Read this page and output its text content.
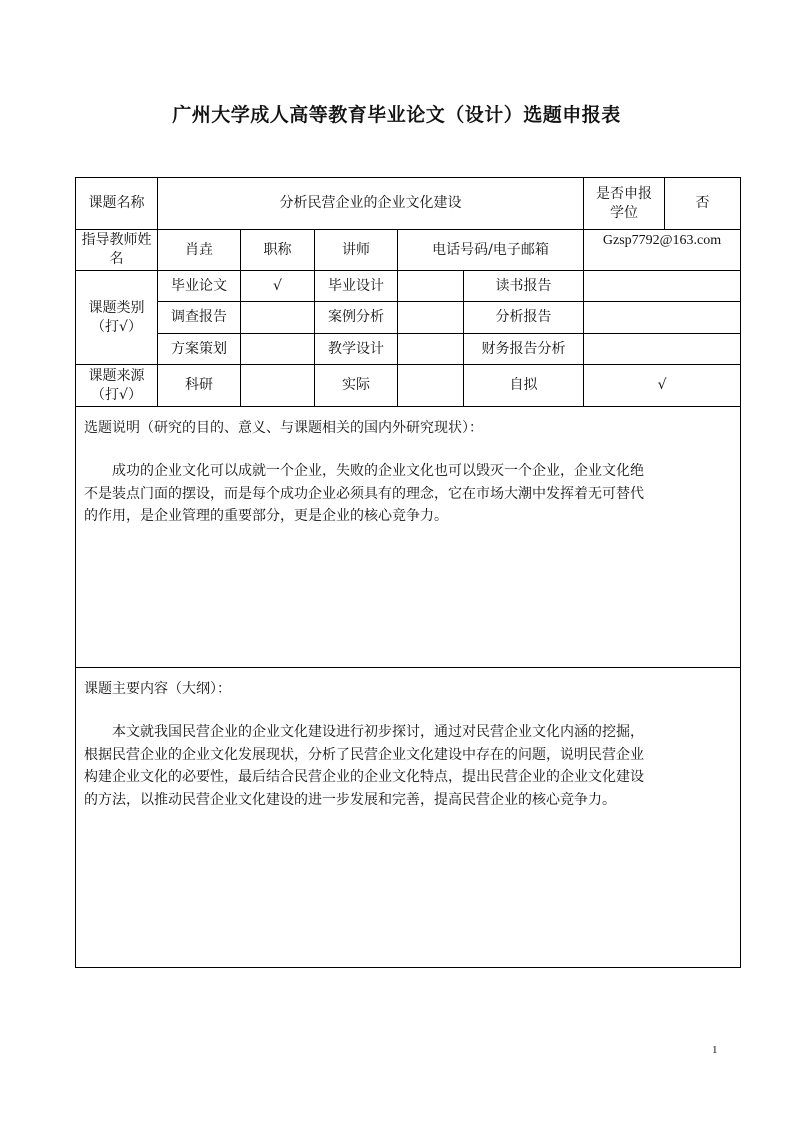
广州大学成人高等教育毕业论文（设计）选题申报表
课题名称	分析民营企业的企业文化建设					是否申报学位	否
指导教师姓名	肖垚	职称	讲师	电话号码/电子邮箱		Gzsp7792@163.com	
课题类别（打√）	毕业论文	√	毕业设计		读书报告		
	调查报告		案例分析		分析报告		
	方案策划		教学设计		财务报告分析		
课题来源（打√）	科研		实际		自拟	√	

选题说明（研究的目的、意义、与课题相关的国内外研究现状）：

成功的企业文化可以成就一个企业，失败的企业文化也可以毁灭一个企业，企业文化绝不是装点门面的摆设，而是每个成功企业必须具有的理念，它在市场大潮中发挥着无可替代的作用，是企业管理的重要部分，更是企业的核心竞争力。							

课题主要内容（大纲）：

本文就我国民营企业的企业文化建设进行初步探讨，通过对民营企业文化内涵的挖掘，根据民营企业的企业文化发展现状，分析了民营企业文化建设中存在的问题，说明民营企业构建企业文化的必要性，最后结合民营企业的企业文化特点，提出民营企业的企业文化建设的方法，以推动民营企业文化建设的进一步发展和完善，提高民营企业的核心竞争力。							

1
